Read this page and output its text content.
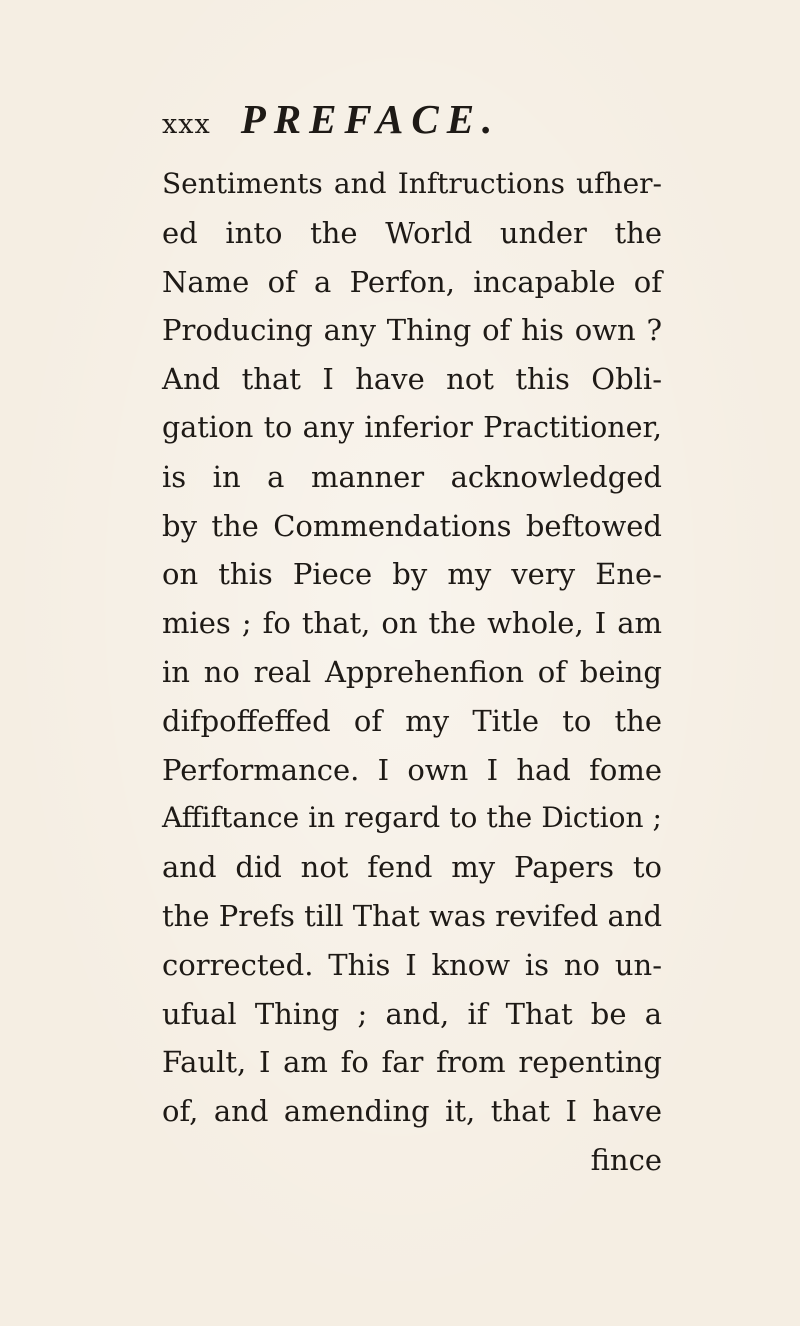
xxx PREFACE.
Sentiments and Inftructions ufher-
ed into the World under the
Name of a Perfon, incapable of
Producing any Thing of his own ?
And that I have not this Obli-
gation to any inferior Practitioner,
is in a manner acknowledged
by the Commendations beftowed
on this Piece by my very Ene-
mies ; fo that, on the whole, I am
in no real Apprehenfion of being
difpoffeffed of my Title to the
Performance. I own I had fome
Affiftance in regard to the Diction ;
and did not fend my Papers to
the Prefs till That was revifed and
corrected. This I know is no un-
ufual Thing ; and, if That be a
Fault, I am fo far from repenting
of, and amending it, that I have
fince
